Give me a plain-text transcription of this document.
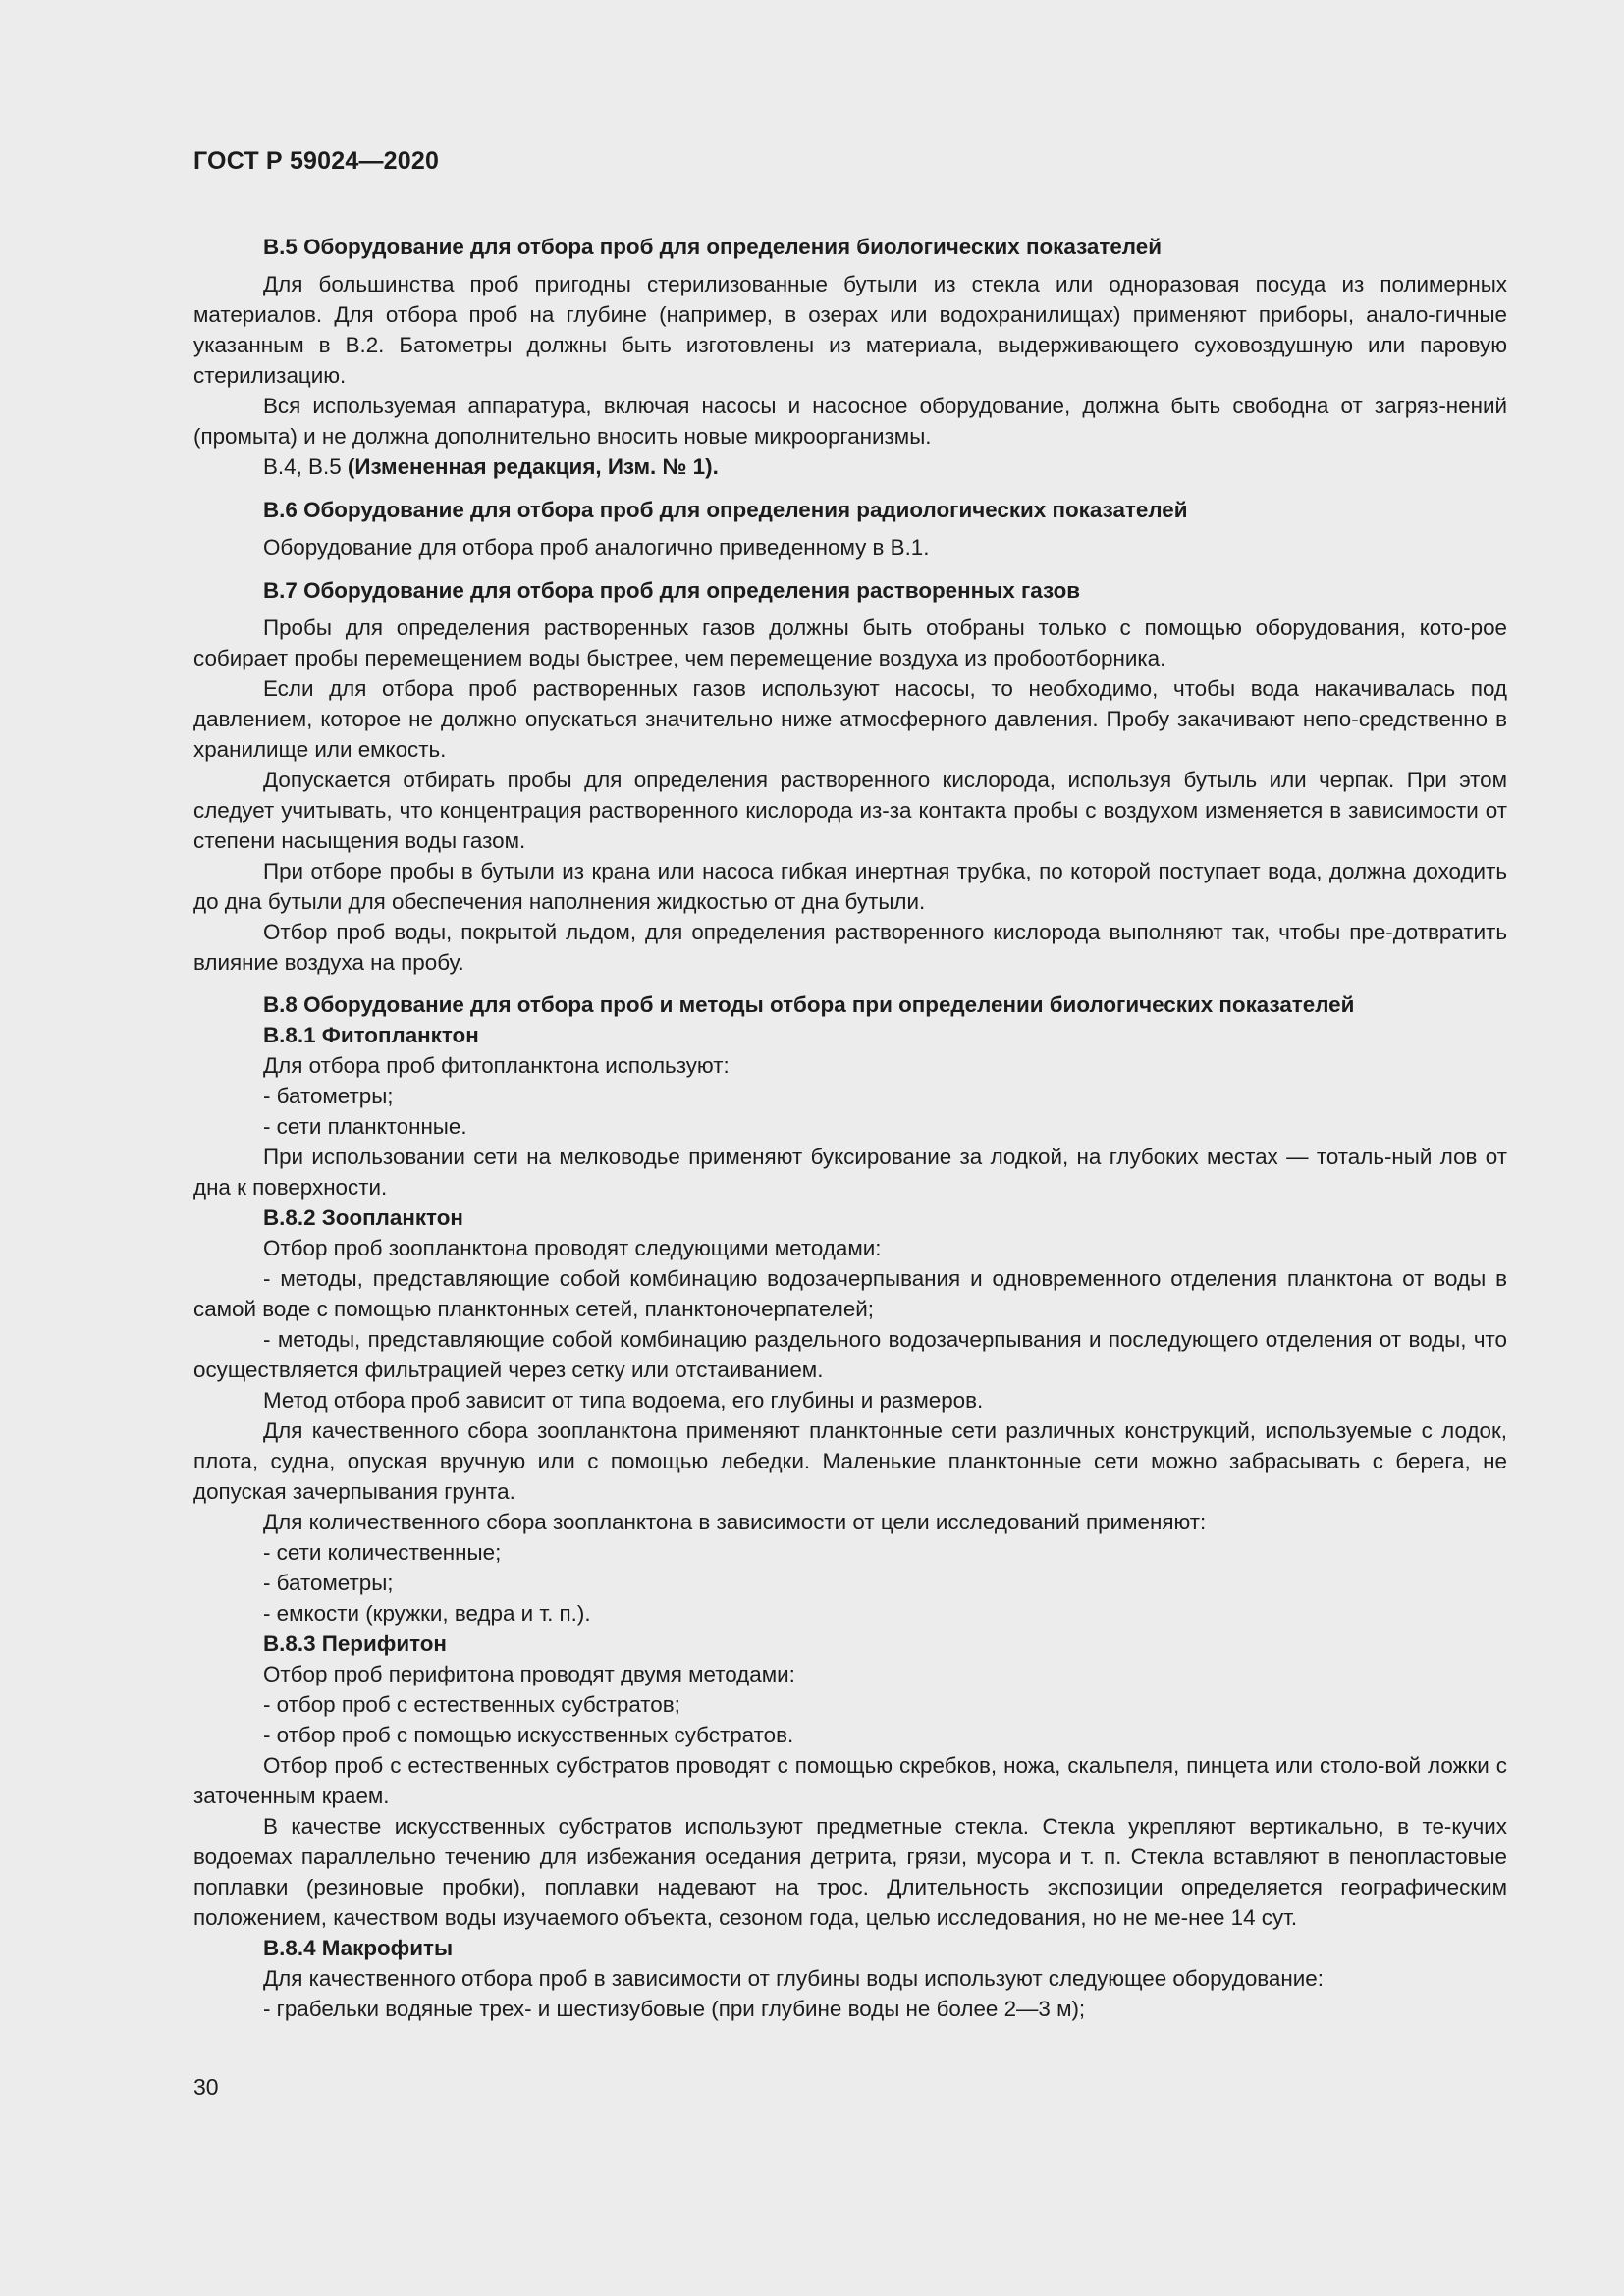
ГОСТ Р 59024—2020
В.5 Оборудование для отбора проб для определения биологических показателей

Для большинства проб пригодны стерилизованные бутыли из стекла или одноразовая посуда из полимерных материалов. Для отбора проб на глубине (например, в озерах или водохранилищах) применяют приборы, анало-гичные указанным в В.2. Батометры должны быть изготовлены из материала, выдерживающего суховоздушную или паровую стерилизацию.

Вся используемая аппаратура, включая насосы и насосное оборудование, должна быть свободна от загряз-нений (промыта) и не должна дополнительно вносить новые микроорганизмы.

В.4, В.5 (Измененная редакция, Изм. № 1).

В.6 Оборудование для отбора проб для определения радиологических показателей

Оборудование для отбора проб аналогично приведенному в В.1.

В.7 Оборудование для отбора проб для определения растворенных газов

Пробы для определения растворенных газов должны быть отобраны только с помощью оборудования, кото-рое собирает пробы перемещением воды быстрее, чем перемещение воздуха из пробоотборника.

Если для отбора проб растворенных газов используют насосы, то необходимо, чтобы вода накачивалась под давлением, которое не должно опускаться значительно ниже атмосферного давления. Пробу закачивают непо-средственно в хранилище или емкость.

Допускается отбирать пробы для определения растворенного кислорода, используя бутыль или черпак. При этом следует учитывать, что концентрация растворенного кислорода из-за контакта пробы с воздухом изменяется в зависимости от степени насыщения воды газом.

При отборе пробы в бутыли из крана или насоса гибкая инертная трубка, по которой поступает вода, должна доходить до дна бутыли для обеспечения наполнения жидкостью от дна бутыли.

Отбор проб воды, покрытой льдом, для определения растворенного кислорода выполняют так, чтобы пре-дотвратить влияние воздуха на пробу.

В.8 Оборудование для отбора проб и методы отбора при определении биологических показателей
В.8.1 Фитопланктон

Для отбора проб фитопланктона используют:

- батометры;

- сети планктонные.

При использовании сети на мелководье применяют буксирование за лодкой, на глубоких местах — тоталь-ный лов от дна к поверхности.

В.8.2 Зоопланктон

Отбор проб зоопланктона проводят следующими методами:

- методы, представляющие собой комбинацию водозачерпывания и одновременного отделения планктона от воды в самой воде с помощью планктонных сетей, планктоночерпателей;

- методы, представляющие собой комбинацию раздельного водозачерпывания и последующего отделения от воды, что осуществляется фильтрацией через сетку или отстаиванием.

Метод отбора проб зависит от типа водоема, его глубины и размеров.

Для качественного сбора зоопланктона применяют планктонные сети различных конструкций, используемые с лодок, плота, судна, опуская вручную или с помощью лебедки. Маленькие планктонные сети можно забрасывать с берега, не допуская зачерпывания грунта.

Для количественного сбора зоопланктона в зависимости от цели исследований применяют:

- сети количественные;

- батометры;

- емкости (кружки, ведра и т. п.).

В.8.3 Перифитон

Отбор проб перифитона проводят двумя методами:

- отбор проб с естественных субстратов;

- отбор проб с помощью искусственных субстратов.

Отбор проб с естественных субстратов проводят с помощью скребков, ножа, скальпеля, пинцета или столо-вой ложки с заточенным краем.

В качестве искусственных субстратов используют предметные стекла. Стекла укрепляют вертикально, в те-кучих водоемах параллельно течению для избежания оседания детрита, грязи, мусора и т. п. Стекла вставляют в пенопластовые поплавки (резиновые пробки), поплавки надевают на трос. Длительность экспозиции определяется географическим положением, качеством воды изучаемого объекта, сезоном года, целью исследования, но не ме-нее 14 сут.

В.8.4 Макрофиты

Для качественного отбора проб в зависимости от глубины воды используют следующее оборудование:

- грабельки водяные трех- и шестизубовые (при глубине воды не более 2—3 м);

30
